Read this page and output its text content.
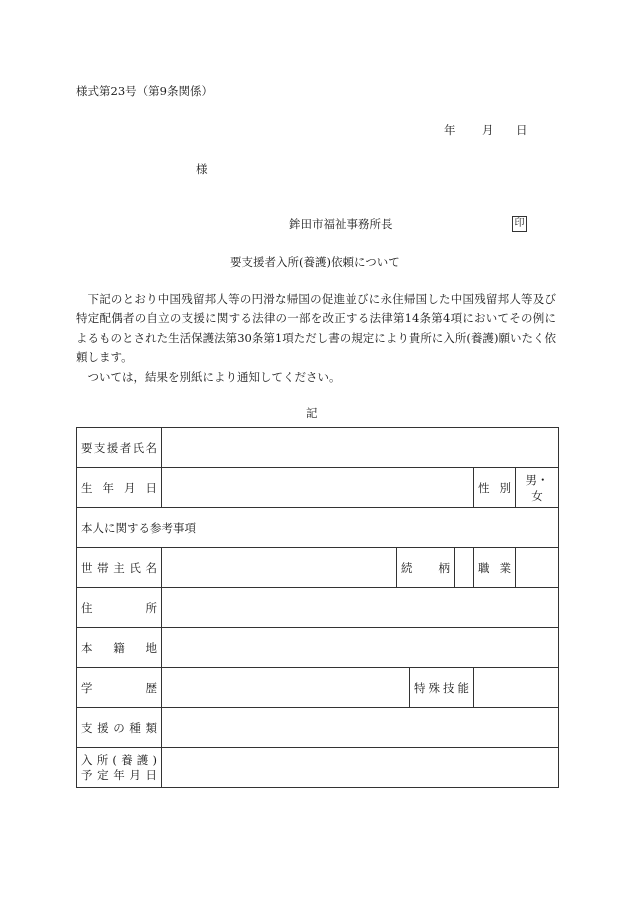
様式第23号（第9条関係）
年 月 日
様
鉾田市福祉事務所長	印
要支援者入所(養護)依頼について

下記のとおり中国残留邦人等の円滑な帰国の促進並びに永住帰国した中国残留邦人等及び特定配偶者の自立の支援に関する法律の一部を改正する法律第14条第4項においてその例によるものとされた生活保護法第30条第1項ただし書の規定により貴所に入所(養護)願いたく依頼します。

ついては，結果を別紙により通知してください。

記
要支援者氏名						
生年月日					性別	男・女
本人に関する参考事項						
世帯主氏名		続柄			職業	
住所						
本籍地						
学歴			特殊技能			
支援の種類						

入所(養護)
予定年月日						
